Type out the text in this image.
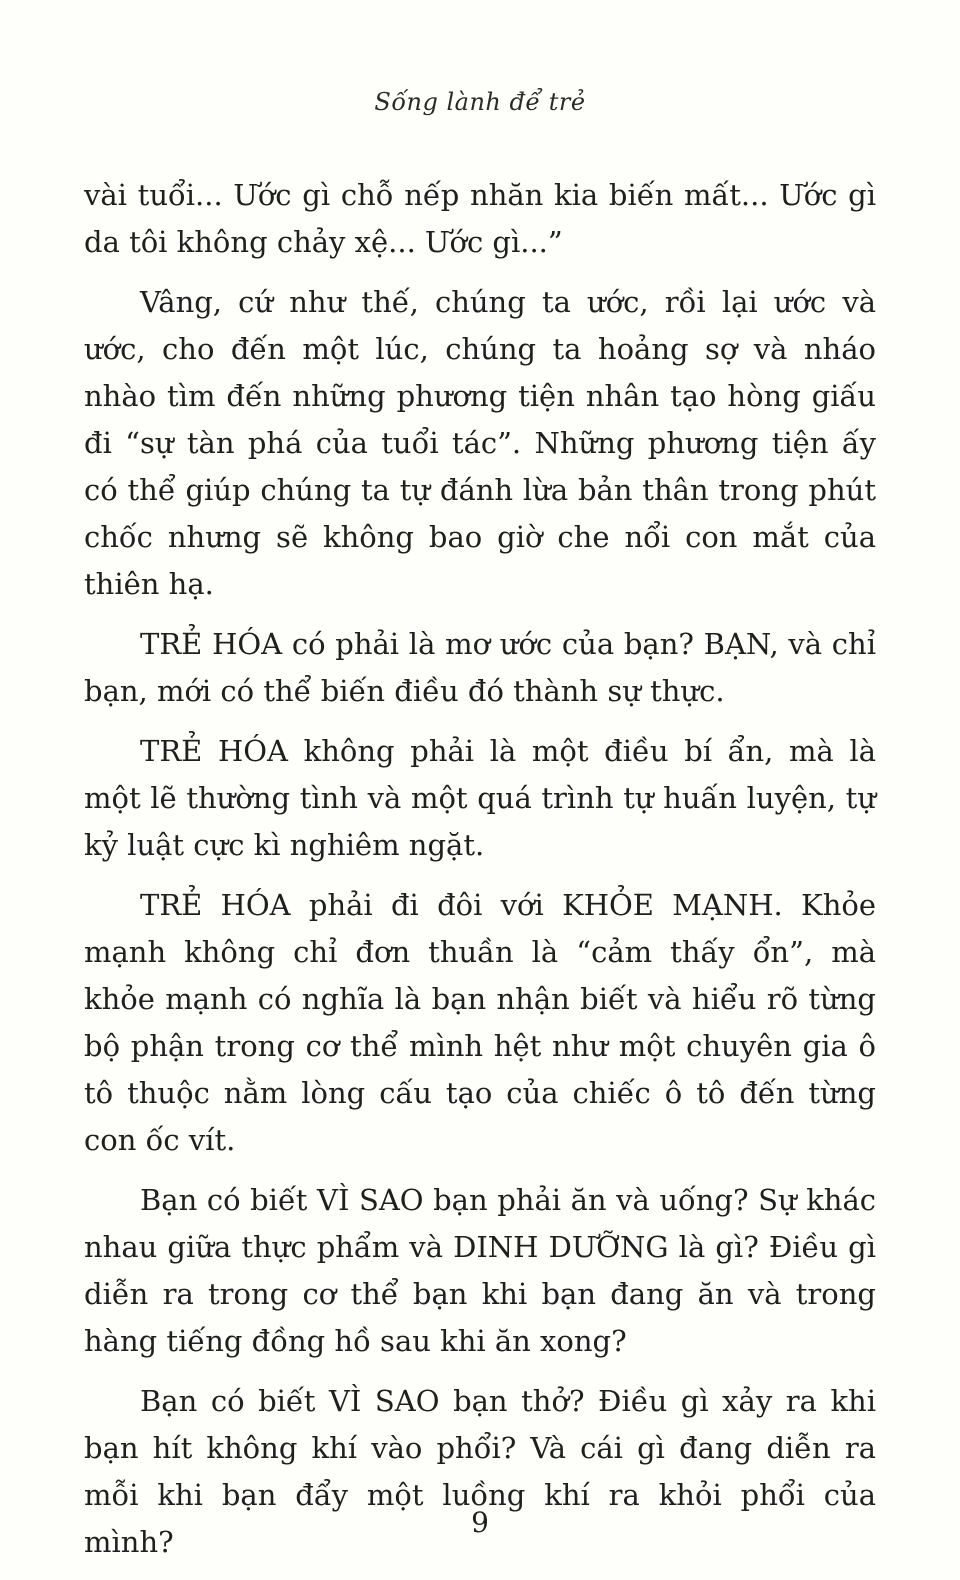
Sống lành để trẻ

vài tuổi... Ước gì chỗ nếp nhăn kia biến mất... Ước gì da tôi không chảy xệ... Ước gì...”

Vâng, cứ như thế, chúng ta ước, rồi lại ước và ước, cho đến một lúc, chúng ta hoảng sợ và nháo nhào tìm đến những phương tiện nhân tạo hòng giấu đi “sự tàn phá của tuổi tác”. Những phương tiện ấy có thể giúp chúng ta tự đánh lừa bản thân trong phút chốc nhưng sẽ không bao giờ che nổi con mắt của thiên hạ.

TRẺ HÓA có phải là mơ ước của bạn? BẠN, và chỉ bạn, mới có thể biến điều đó thành sự thực.

TRẺ HÓA không phải là một điều bí ẩn, mà là một lẽ thường tình và một quá trình tự huấn luyện, tự kỷ luật cực kì nghiêm ngặt.

TRẺ HÓA phải đi đôi với KHỎE MẠNH. Khỏe mạnh không chỉ đơn thuần là “cảm thấy ổn”, mà khỏe mạnh có nghĩa là bạn nhận biết và hiểu rõ từng bộ phận trong cơ thể mình hệt như một chuyên gia ô tô thuộc nằm lòng cấu tạo của chiếc ô tô đến từng con ốc vít.

Bạn có biết VÌ SAO bạn phải ăn và uống? Sự khác nhau giữa thực phẩm và DINH DƯỠNG là gì? Điều gì diễn ra trong cơ thể bạn khi bạn đang ăn và trong hàng tiếng đồng hồ sau khi ăn xong?

Bạn có biết VÌ SAO bạn thở? Điều gì xảy ra khi bạn hít không khí vào phổi? Và cái gì đang diễn ra mỗi khi bạn đẩy một luồng khí ra khỏi phổi của mình?

9
